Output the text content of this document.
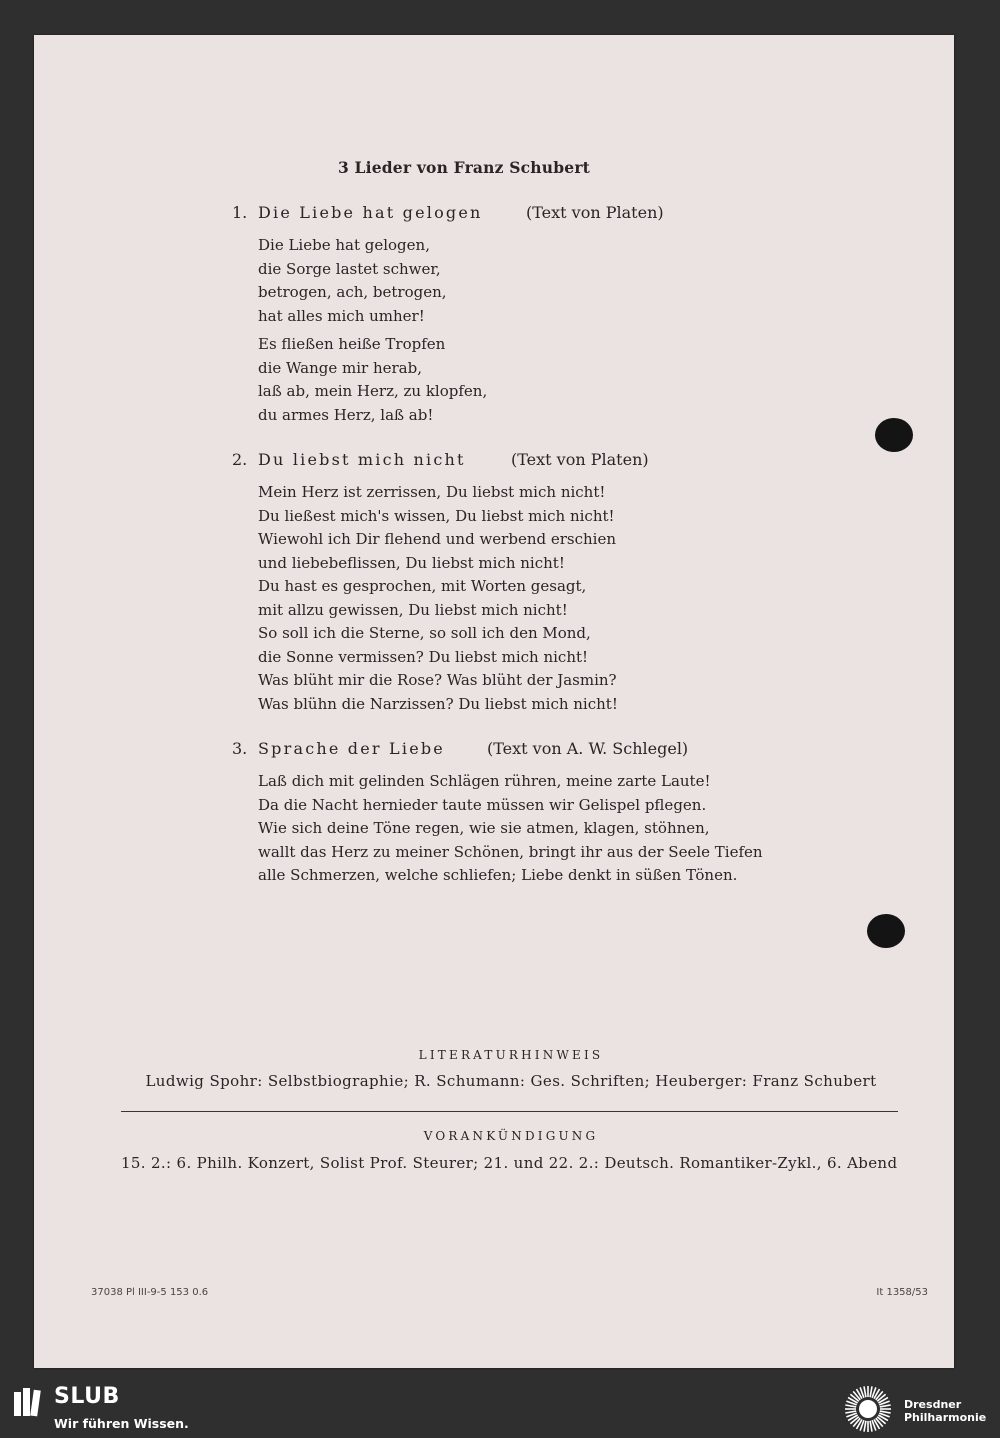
3 Lieder von Franz Schubert
1. Die Liebe hat gelogen	(Text von Platen)
Die Liebe hat gelogen,
die Sorge lastet schwer,
betrogen, ach, betrogen,
hat alles mich umher!
Es fließen heiße Tropfen
die Wange mir herab,
laß ab, mein Herz, zu klopfen,
du armes Herz, laß ab!
2. Du liebst mich nicht	(Text von Platen)
Mein Herz ist zerrissen, Du liebst mich nicht!
Du ließest mich's wissen, Du liebst mich nicht!
Wiewohl ich Dir flehend und werbend erschien
und liebebeflissen, Du liebst mich nicht!
Du hast es gesprochen, mit Worten gesagt,
mit allzu gewissen, Du liebst mich nicht!
So soll ich die Sterne, so soll ich den Mond,
die Sonne vermissen? Du liebst mich nicht!
Was blüht mir die Rose? Was blüht der Jasmin?
Was blühn die Narzissen? Du liebst mich nicht!
3. Sprache der Liebe	(Text von A. W. Schlegel)
Laß dich mit gelinden Schlägen rühren, meine zarte Laute!
Da die Nacht hernieder taute müssen wir Gelispel pflegen.
Wie sich deine Töne regen, wie sie atmen, klagen, stöhnen,
wallt das Herz zu meiner Schönen, bringt ihr aus der Seele Tiefen
alle Schmerzen, welche schliefen; Liebe denkt in süßen Tönen.
LITERATURHINWEIS
Ludwig Spohr: Selbstbiographie; R. Schumann: Ges. Schriften; Heuberger: Franz Schubert
VORANKÜNDIGUNG
15. 2.: 6. Philh. Konzert, Solist Prof. Steurer; 21. und 22. 2.: Deutsch. Romantiker-Zykl., 6. Abend
37038 Pl III-9-5 153 0.6	It 1358/53
SLUB
Wir führen Wissen.
Dresdner
Philharmonie
